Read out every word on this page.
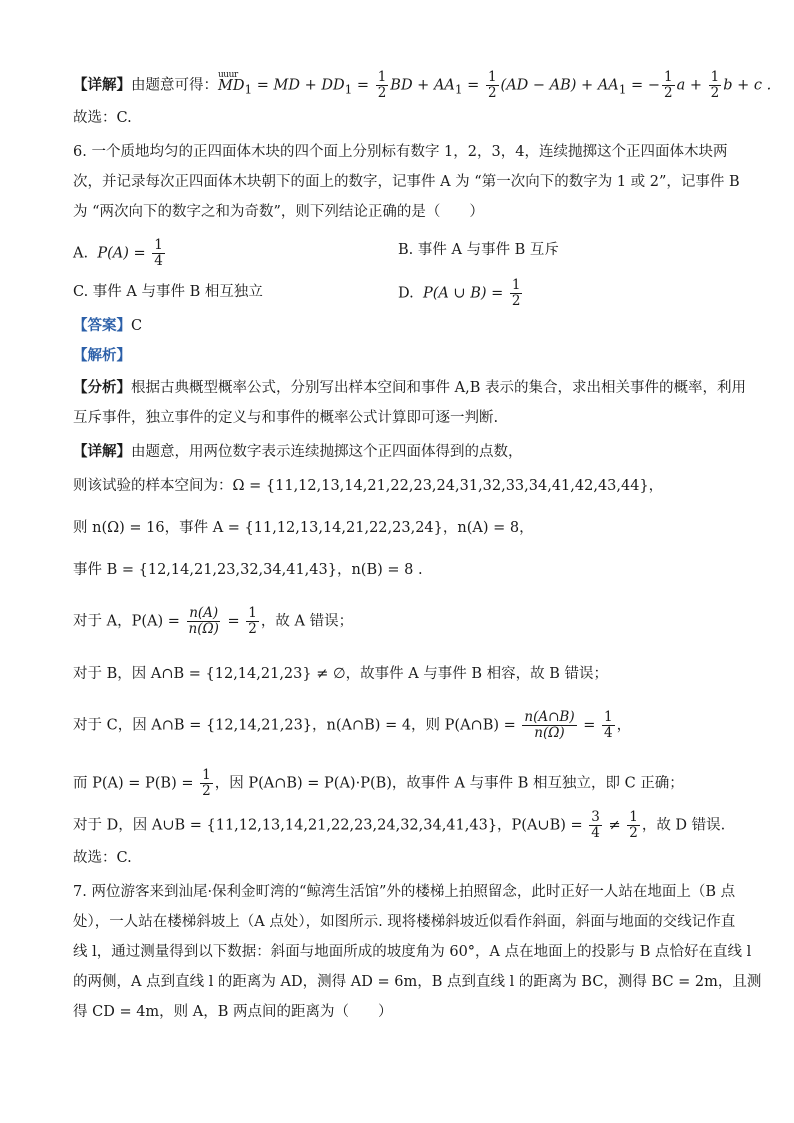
【详解】由题意可得：uuur $MD_1$ = MD + $DD_1 = \frac{1}{2}$ BD + $AA_1 = \frac{1}{2} (AD - AB) + AA_1$ = − $\frac{1}{2}$ $a + \frac{1}{2}$ b + c .
故选：C.
6. 一个质地均匀的正四面体木块的四个面上分别标有数字 1，2，3，4，连续抛掷这个正四面体木块两
次，并记录每次正四面体木块朝下的面上的数字，记事件 A 为 “第一次向下的数字为 1 或 2”，记事件 B
为 “两次向下的数字之和为奇数”，则下列结论正确的是（　　）
A. $P(A) = \frac{1}{4}$	B. 事件 A 与事件 B 互斥
C. 事件 A 与事件 B 相互独立	D. P(A ∪ $B) = \frac{1}{2}$
【答案】C
【解析】
【分析】根据古典概型概率公式，分别写出样本空间和事件 A,B 表示的集合，求出相关事件的概率，利用
互斥事件，独立事件的定义与和事件的概率公式计算即可逐一判断.
【详解】由题意，用两位数字表示连续抛掷这个正四面体得到的点数，
则该试验的样本空间为：Ω = {11,12,13,14,21,22,23,24,31,32,33,34,41,42,43,44}，
则 n(Ω) = 16，事件 A = {11,12,13,14,21,22,23,24}，n(A) = 8，
事件 B = {12,14,21,23,32,34,41,43}，n(B) = 8 .
对于 A，$P(A) = \frac{n(A)}{n(\Omega)} = \frac{1}{2}$ ，故 A 错误；
对于 B，因 A∩B = {12,14,21,23} ≠ ∅，故事件 A 与事件 B 相容，故 B 错误；
对于 C，因 A∩B = {12,14,21,23}，n(A∩B) = 4，则 P(A∩B) = $\frac{n(A\cap B)}{n(\Omega)} = \frac{1}{4}$ ，
而 $P(A) = P(B) = \frac{1}{2}$ ，因 P(A∩B) = P(A)·P(B)，故事件 A 与事件 B 相互独立，即 C 正确；
对于 D，因 A∪B = {11,12,13,14,21,22,23,24,32,34,41,43}，P(A∪B) = $\frac{3}{4} \ne \frac{1}{2}$ ，故 D 错误.
故选：C.
7. 两位游客来到汕尾·保利金町湾的“鲸湾生活馆”外的楼梯上拍照留念，此时正好一人站在地面上（B 点
处），一人站在楼梯斜坡上（A 点处），如图所示. 现将楼梯斜坡近似看作斜面，斜面与地面的交线记作直
线 l，通过测量得到以下数据：斜面与地面所成的坡度角为 60°，A 点在地面上的投影与 B 点恰好在直线 l
的两侧，A 点到直线 l 的距离为 AD，测得 AD = 6m，B 点到直线 l 的距离为 BC，测得 BC = 2m，且测
得 CD = 4m，则 A，B 两点间的距离为（　　）
